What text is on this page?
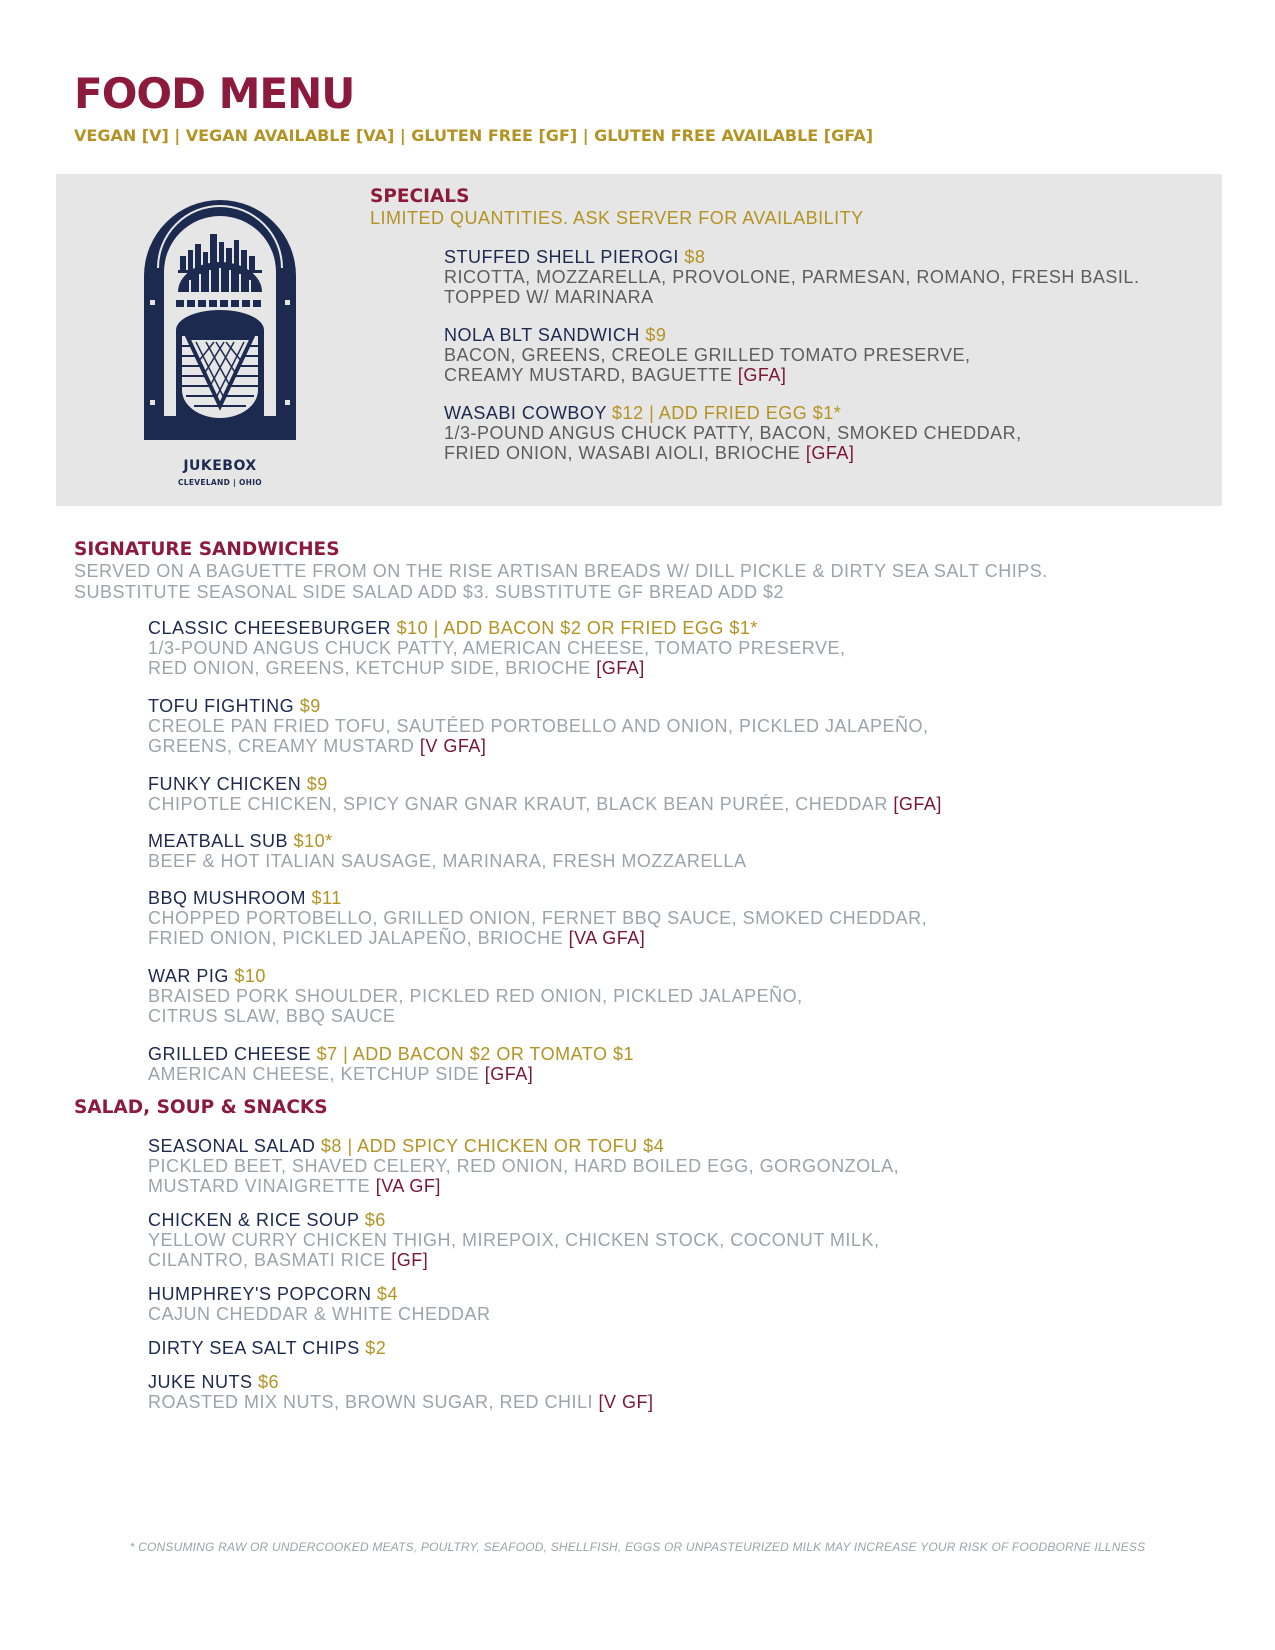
FOOD MENU
VEGAN [V] | VEGAN AVAILABLE [VA] | GLUTEN FREE [GF] | GLUTEN FREE AVAILABLE [GFA]
JUKEBOX
CLEVELAND | OHIO
SPECIALS
LIMITED QUANTITIES. ASK SERVER FOR AVAILABILITY
STUFFED SHELL PIEROGI $8
RICOTTA, MOZZARELLA, PROVOLONE, PARMESAN, ROMANO, FRESH BASIL.
TOPPED W/ MARINARA
NOLA BLT SANDWICH $9
BACON, GREENS, CREOLE GRILLED TOMATO PRESERVE,
CREAMY MUSTARD, BAGUETTE [GFA]
WASABI COWBOY $12 | ADD FRIED EGG $1*
1/3-POUND ANGUS CHUCK PATTY, BACON, SMOKED CHEDDAR,
FRIED ONION, WASABI AIOLI, BRIOCHE [GFA]
SIGNATURE SANDWICHES
SERVED ON A BAGUETTE FROM ON THE RISE ARTISAN BREADS W/ DILL PICKLE & DIRTY SEA SALT CHIPS.
SUBSTITUTE SEASONAL SIDE SALAD ADD $3. SUBSTITUTE GF BREAD ADD $2
CLASSIC CHEESEBURGER $10 | ADD BACON $2 OR FRIED EGG $1*
1/3-POUND ANGUS CHUCK PATTY, AMERICAN CHEESE, TOMATO PRESERVE,
RED ONION, GREENS, KETCHUP SIDE, BRIOCHE [GFA]
TOFU FIGHTING $9
CREOLE PAN FRIED TOFU, SAUTÉED PORTOBELLO AND ONION, PICKLED JALAPEÑO,
GREENS, CREAMY MUSTARD [V GFA]
FUNKY CHICKEN $9
CHIPOTLE CHICKEN, SPICY GNAR GNAR KRAUT, BLACK BEAN PURÉE, CHEDDAR [GFA]
MEATBALL SUB $10*
BEEF & HOT ITALIAN SAUSAGE, MARINARA, FRESH MOZZARELLA
BBQ MUSHROOM $11
CHOPPED PORTOBELLO, GRILLED ONION, FERNET BBQ SAUCE, SMOKED CHEDDAR,
FRIED ONION, PICKLED JALAPEÑO, BRIOCHE [VA GFA]
WAR PIG $10
BRAISED PORK SHOULDER, PICKLED RED ONION, PICKLED JALAPEÑO,
CITRUS SLAW, BBQ SAUCE
GRILLED CHEESE $7 | ADD BACON $2 OR TOMATO $1
AMERICAN CHEESE, KETCHUP SIDE [GFA]
SALAD, SOUP & SNACKS
SEASONAL SALAD $8 | ADD SPICY CHICKEN OR TOFU $4
PICKLED BEET, SHAVED CELERY, RED ONION, HARD BOILED EGG, GORGONZOLA,
MUSTARD VINAIGRETTE [VA GF]
CHICKEN & RICE SOUP $6
YELLOW CURRY CHICKEN THIGH, MIREPOIX, CHICKEN STOCK, COCONUT MILK,
CILANTRO, BASMATI RICE [GF]
HUMPHREY'S POPCORN $4
CAJUN CHEDDAR & WHITE CHEDDAR
DIRTY SEA SALT CHIPS $2
JUKE NUTS $6
ROASTED MIX NUTS, BROWN SUGAR, RED CHILI [V GF]
* CONSUMING RAW OR UNDERCOOKED MEATS, POULTRY, SEAFOOD, SHELLFISH, EGGS OR UNPASTEURIZED MILK MAY INCREASE YOUR RISK OF FOODBORNE ILLNESS
